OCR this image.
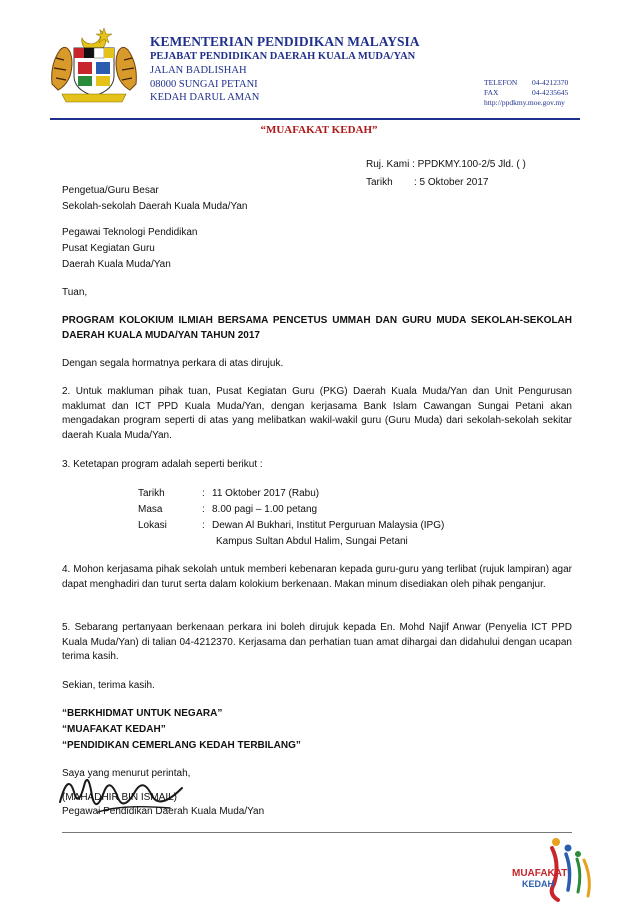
KEMENTERIAN PENDIDIKAN MALAYSIA
PEJABAT PENDIDIKAN DAERAH KUALA MUDA/YAN
JALAN BADLISHAH
08000 SUNGAI PETANI
KEDAH DARUL AMAN
TELEFON	04-4212370
FAX	04-4235645
http://ppdkmy.moe.gov.my
“MUAFAKAT KEDAH”
Ruj. Kami : PPDKMY.100-2/5 Jld. ( )
Tarikh	: 5 Oktober 2017
Pengetua/Guru Besar
Sekolah-sekolah Daerah Kuala Muda/Yan
Pegawai Teknologi Pendidikan
Pusat Kegiatan Guru
Daerah Kuala Muda/Yan
Tuan,
PROGRAM KOLOKIUM ILMIAH BERSAMA PENCETUS UMMAH DAN GURU MUDA SEKOLAH-SEKOLAH DAERAH KUALA MUDA/YAN TAHUN 2017
Dengan segala hormatnya perkara di atas dirujuk.
2. Untuk makluman pihak tuan, Pusat Kegiatan Guru (PKG) Daerah Kuala Muda/Yan dan Unit Pengurusan maklumat dan ICT PPD Kuala Muda/Yan, dengan kerjasama Bank Islam Cawangan Sungai Petani akan mengadakan program seperti di atas yang melibatkan wakil-wakil guru (Guru Muda) dari sekolah-sekolah sekitar daerah Kuala Muda/Yan.
3. Ketetapan program adalah seperti berikut :
Tarikh	: 11 Oktober 2017 (Rabu)
Masa	: 8.00 pagi – 1.00 petang
Lokasi	: Dewan Al Bukhari, Institut Perguruan Malaysia (IPG)
Kampus Sultan Abdul Halim, Sungai Petani
4. Mohon kerjasama pihak sekolah untuk memberi kebenaran kepada guru-guru yang terlibat (rujuk lampiran) agar dapat menghadiri dan turut serta dalam kolokium berkenaan. Makan minum disediakan oleh pihak penganjur.
5. Sebarang pertanyaan berkenaan perkara ini boleh dirujuk kepada En. Mohd Najif Anwar (Penyelia ICT PPD Kuala Muda/Yan) di talian 04-4212370. Kerjasama dan perhatian tuan amat dihargai dan didahului dengan ucapan terima kasih.
Sekian, terima kasih.
“BERKHIDMAT UNTUK NEGARA”
“MUAFAKAT KEDAH”
“PENDIDIKAN CEMERLANG KEDAH TERBILANG”
Saya yang menurut perintah,
(MAHADHIR BIN ISMAIL)
Pegawai Pendidikan Daerah Kuala Muda/Yan
MUAFAKAT
KEDAH
